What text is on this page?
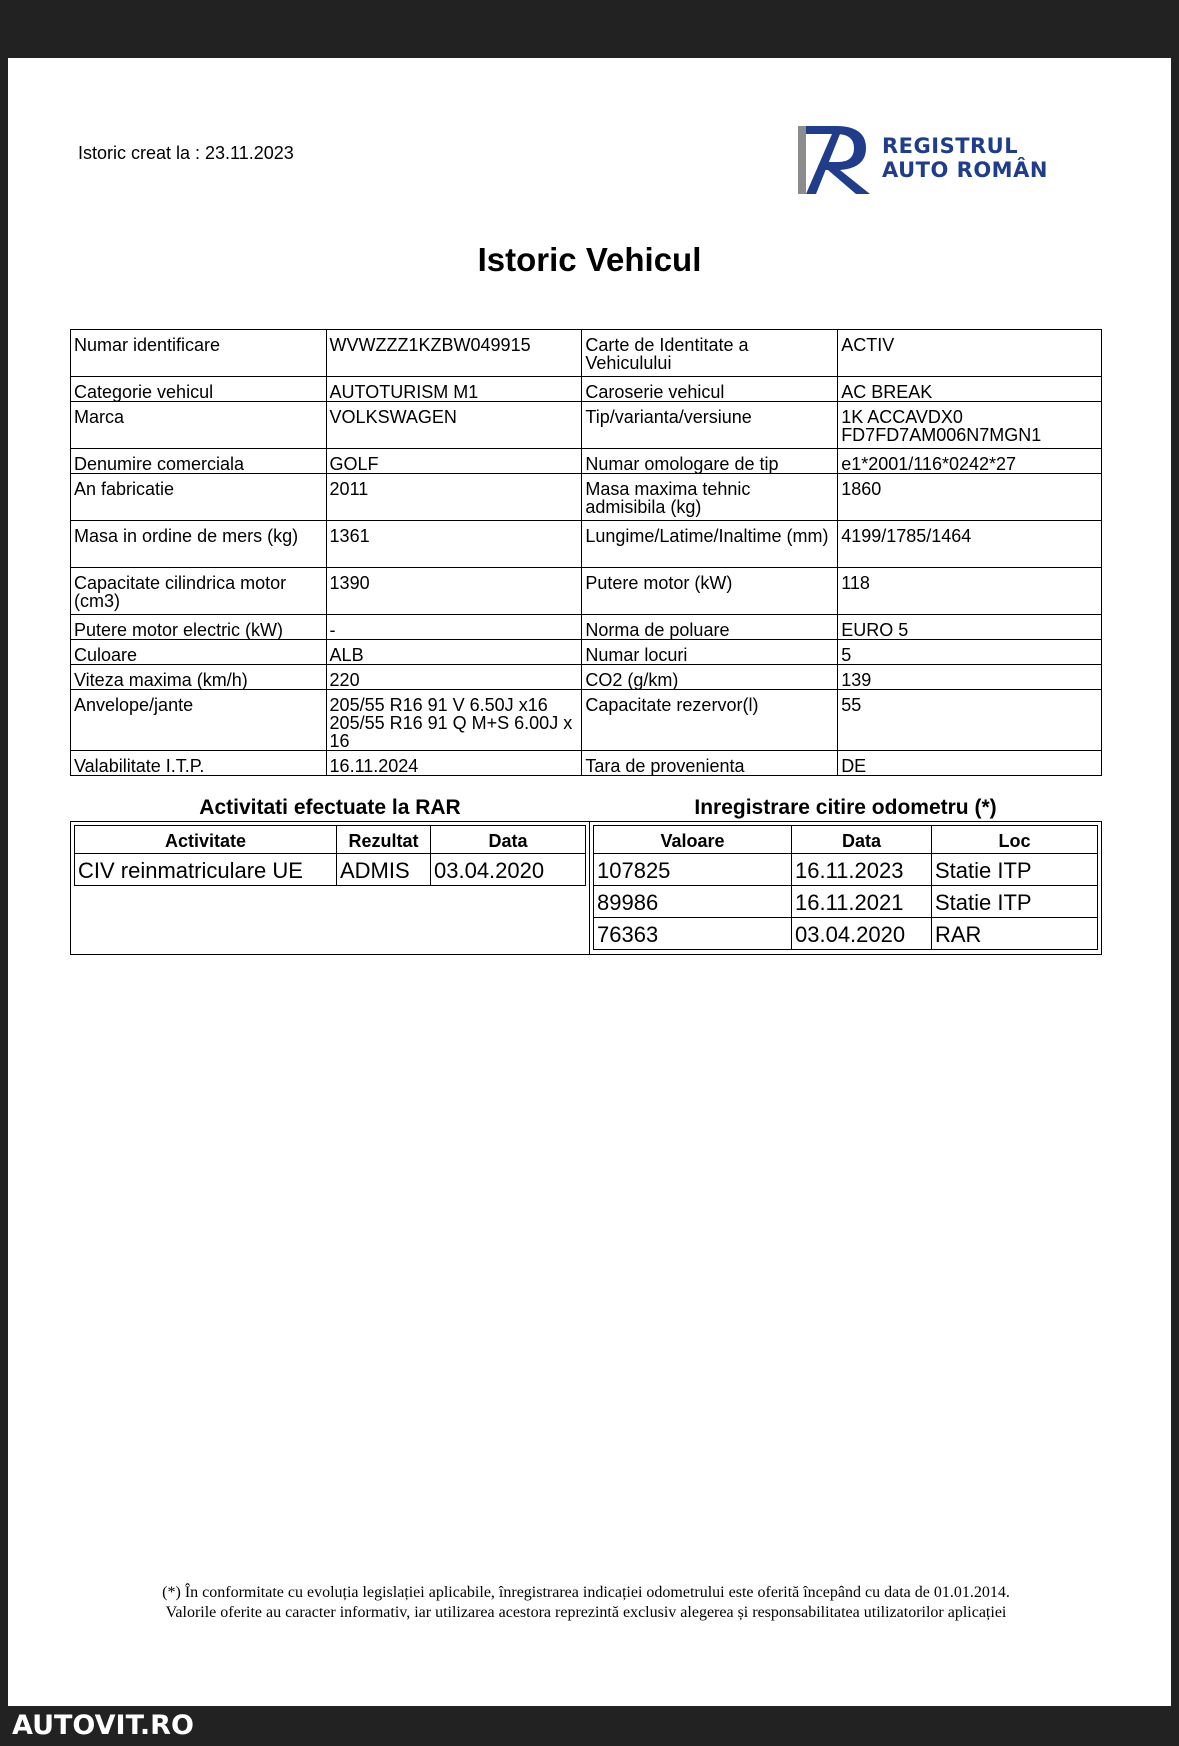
Istoric creat la : 23.11.2023	REGISTRUL
AUTO ROMÂN
Istoric Vehicul
Numar identificare	WVWZZZ1KZBW049915	Carte de Identitate a Vehiculului	ACTIV
Categorie vehicul	AUTOTURISM M1	Caroserie vehicul	AC BREAK
Marca	VOLKSWAGEN	Tip/varianta/versiune	1K ACCAVDX0 FD7FD7AM006N7MGN1
Denumire comerciala	GOLF	Numar omologare de tip	e1*2001/116*0242*27
An fabricatie	2011	Masa maxima tehnic admisibila (kg)	1860
Masa in ordine de mers (kg)	1361	Lungime/Latime/Inaltime (mm)	4199/1785/1464
Capacitate cilindrica motor (cm3)	1390	Putere motor (kW)	118
Putere motor electric (kW)	-	Norma de poluare	EURO 5
Culoare	ALB	Numar locuri	5
Viteza maxima (km/h)	220	CO2 (g/km)	139
Anvelope/jante	205/55 R16 91 V 6.50J x16 205/55 R16 91 Q M+S 6.00J x 16	Capacitate rezervor(l)	55
Valabilitate I.T.P.	16.11.2024	Tara de provenienta	DE
Activitati efectuate la RAR	Inregistrare citire odometru (*)
Activitate	Rezultat	Data
CIV reinmatriculare UE	ADMIS	03.04.2020
Valoare	Data	Loc
107825	16.11.2023	Statie ITP
89986	16.11.2021	Statie ITP
76363	03.04.2020	RAR
(*) În conformitate cu evoluția legislației aplicabile, înregistrarea indicației odometrului este oferită începând cu data de 01.01.2014.
Valorile oferite au caracter informativ, iar utilizarea acestora reprezintă exclusiv alegerea și responsabilitatea utilizatorilor aplicației
AUTOVIT.RO
